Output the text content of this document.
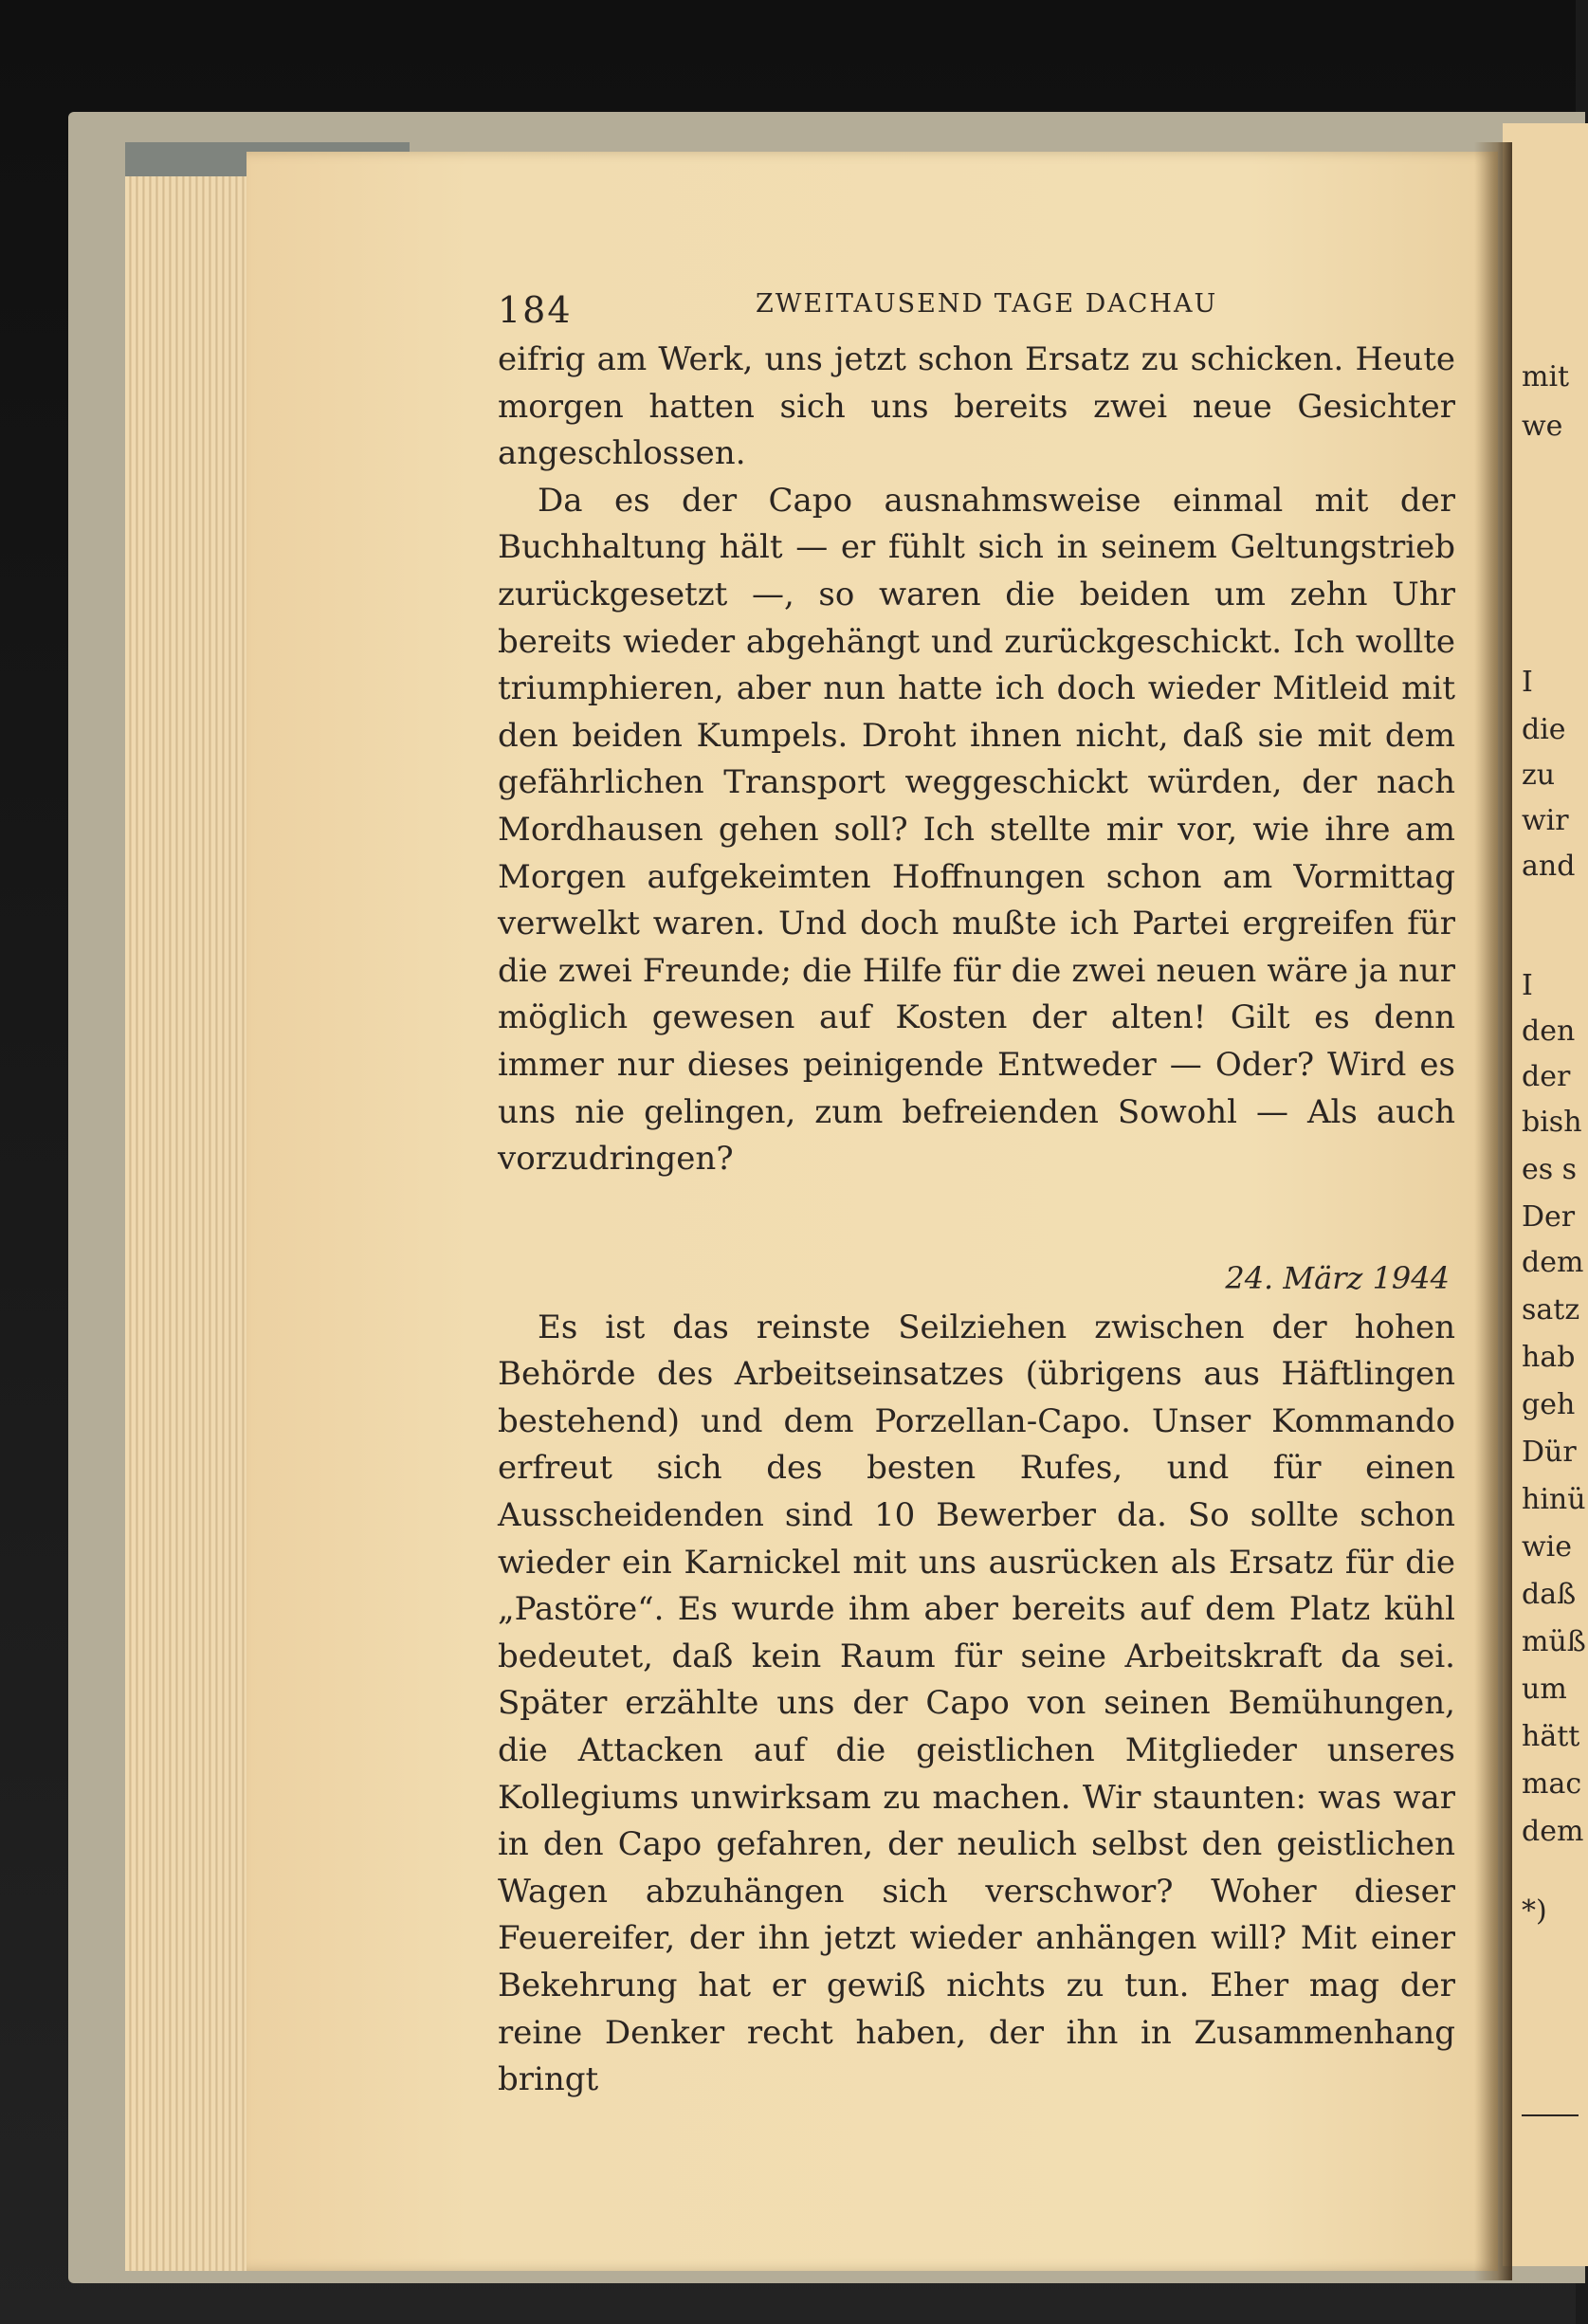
184	ZWEITAUSEND TAGE DACHAU

eifrig am Werk, uns jetzt schon Ersatz zu schicken. Heute morgen hatten sich uns bereits zwei neue Gesichter angeschlossen.

Da es der Capo ausnahmsweise einmal mit der Buchhaltung hält — er fühlt sich in seinem Geltungstrieb zurückgesetzt —, so waren die beiden um zehn Uhr bereits wieder abgehängt und zurückgeschickt. Ich wollte triumphieren, aber nun hatte ich doch wieder Mitleid mit den beiden Kumpels. Droht ihnen nicht, daß sie mit dem gefährlichen Transport weggeschickt würden, der nach Mordhausen gehen soll? Ich stellte mir vor, wie ihre am Morgen aufgekeimten Hoffnungen schon am Vormittag verwelkt waren. Und doch mußte ich Partei ergreifen für die zwei Freunde; die Hilfe für die zwei neuen wäre ja nur möglich gewesen auf Kosten der alten! Gilt es denn immer nur dieses peinigende Entweder — Oder? Wird es uns nie gelingen, zum befreienden Sowohl — Als auch vorzudringen?

24. März 1944

Es ist das reinste Seilziehen zwischen der hohen Behörde des Arbeitseinsatzes (übrigens aus Häftlingen bestehend) und dem Porzellan-Capo. Unser Kommando erfreut sich des besten Rufes, und für einen Ausscheidenden sind 10 Bewerber da. So sollte schon wieder ein Karnickel mit uns ausrücken als Ersatz für die „Pastöre“. Es wurde ihm aber bereits auf dem Platz kühl bedeutet, daß kein Raum für seine Arbeitskraft da sei. Später erzählte uns der Capo von seinen Bemühungen, die Attacken auf die geistlichen Mitglieder unseres Kollegiums unwirksam zu machen. Wir staunten: was war in den Capo gefahren, der neulich selbst den geistlichen Wagen abzuhängen sich verschwor? Woher dieser Feuereifer, der ihn jetzt wieder anhängen will? Mit einer Bekehrung hat er gewiß nichts zu tun. Eher mag der reine Denker recht haben, der ihn in Zusammenhang bringt

mit
we
I
die
zu
wir
and
I
den
der
bish
es s
Der
dem
satz
hab
geh
Dür
hinü
wie
daß
müß
um
hätt
mac
dem
*)
